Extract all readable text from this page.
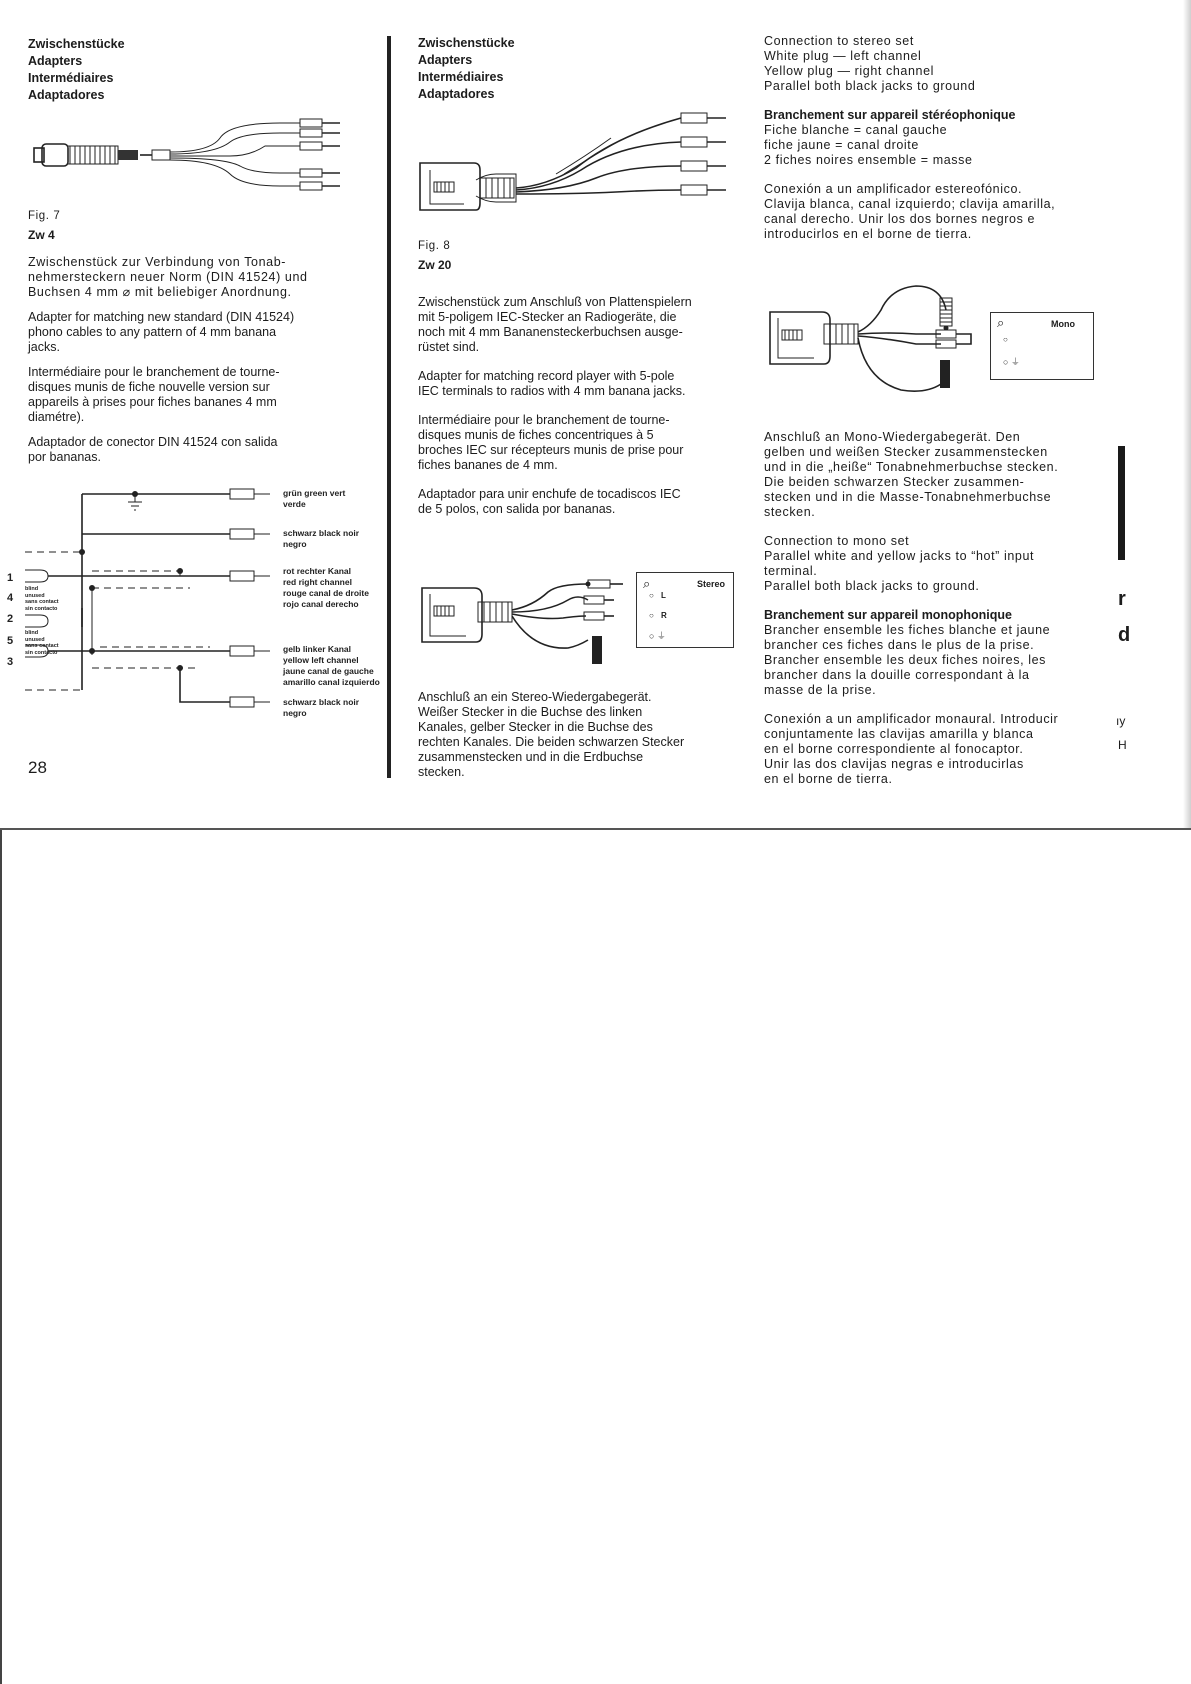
Zwischenstücke

Adapters

Intermédiaires

Adaptadores

Fig. 7

Zw 4

Zwischenstück zur Verbindung von Tonab-
nehmersteckern neuer Norm (DIN 41524) und
Buchsen 4 mm ⌀ mit beliebiger Anordnung.

Adapter for matching new standard (DIN 41524)
phono cables to any pattern of 4 mm banana
jacks.

Intermédiaire pour le branchement de tourne-
disques munis de fiche nouvelle version sur
appareils à prises pour fiches bananes 4 mm
diamétre).

Adaptador de conector DIN 41524 con salida
por bananas.

grün green vert
verde
schwarz black noir
negro
rot rechter Kanal
red right channel
rouge canal de droite
rojo canal derecho
gelb linker Kanal
yellow left channel
jaune canal de gauche
amarillo canal izquierdo
schwarz black noir
negro
1
4
2
5
3
blind
unused
sans contact
sin contacto
blind
unused
sans contact
sin contacto
28

Zwischenstücke

Adapters

Intermédiaires

Adaptadores

Fig. 8

Zw 20

Zwischenstück zum Anschluß von Plattenspielern
mit 5-poligem IEC-Stecker an Radiogeräte, die
noch mit 4 mm Bananensteckerbuchsen ausge-
rüstet sind.

Adapter for matching record player with 5-pole
IEC terminals to radios with 4 mm banana jacks.

Intermédiaire pour le branchement de tourne-
disques munis de fiches concentriques à 5
broches IEC sur récepteurs munis de prise pour
fiches bananes de 4 mm.

Adaptador para unir enchufe de tocadiscos IEC
de 5 polos, con salida por bananas.

⌕	Stereo
○ L
○ R
○ ⏚

Anschluß an ein Stereo-Wiedergabegerät.
Weißer Stecker in die Buchse des linken
Kanales, gelber Stecker in die Buchse des
rechten Kanales. Die beiden schwarzen Stecker
zusammenstecken und in die Erdbuchse
stecken.

Connection to stereo set
White plug — left channel
Yellow plug — right channel
Parallel both black jacks to ground

Branchement sur appareil stéréophonique

Fiche blanche = canal gauche
fiche jaune = canal droite
2 fiches noires ensemble = masse

Conexión a un amplificador estereofónico.
Clavija blanca, canal izquierdo; clavija amarilla,
canal derecho. Unir los dos bornes negros e
introducirlos en el borne de tierra.

⌕	Mono
○
○ ⏚

Anschluß an Mono-Wiedergabegerät. Den
gelben und weißen Stecker zusammenstecken
und in die „heiße“ Tonabnehmerbuchse stecken.
Die beiden schwarzen Stecker zusammen-
stecken und in die Masse-Tonabnehmerbuchse
stecken.

Connection to mono set
Parallel white and yellow jacks to “hot” input
terminal.
Parallel both black jacks to ground.

Branchement sur appareil monophonique

Brancher ensemble les fiches blanche et jaune
brancher ces fiches dans le plus de la prise.
Brancher ensemble les deux fiches noires, les
brancher dans la douille correspondant à la
masse de la prise.

Conexión a un amplificador monaural. Introducir
conjuntamente las clavijas amarilla y blanca
en el borne correspondiente al fonocaptor.
Unir las dos clavijas negras e introducirlas
en el borne de tierra.

r
d
ıy
H
